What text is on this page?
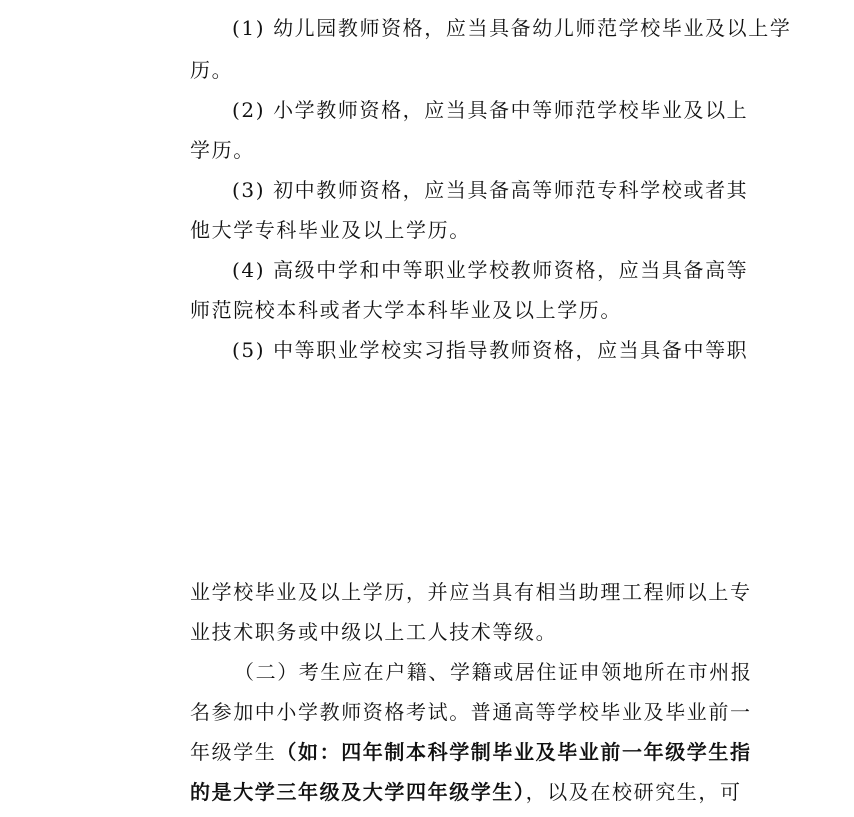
(1) 幼儿园教师资格，应当具备幼儿师范学校毕业及以上学
历。
(2) 小学教师资格，应当具备中等师范学校毕业及以上
学历。
(3) 初中教师资格，应当具备高等师范专科学校或者其
他大学专科毕业及以上学历。
(4) 高级中学和中等职业学校教师资格，应当具备高等
师范院校本科或者大学本科毕业及以上学历。
(5) 中等职业学校实习指导教师资格，应当具备中等职
业学校毕业及以上学历，并应当具有相当助理工程师以上专
业技术职务或中级以上工人技术等级。
（二）考生应在户籍、学籍或居住证申领地所在市州报
名参加中小学教师资格考试。普通高等学校毕业及毕业前一
年级学生（如：四年制本科学制毕业及毕业前一年级学生指
的是大学三年级及大学四年级学生），以及在校研究生，可
